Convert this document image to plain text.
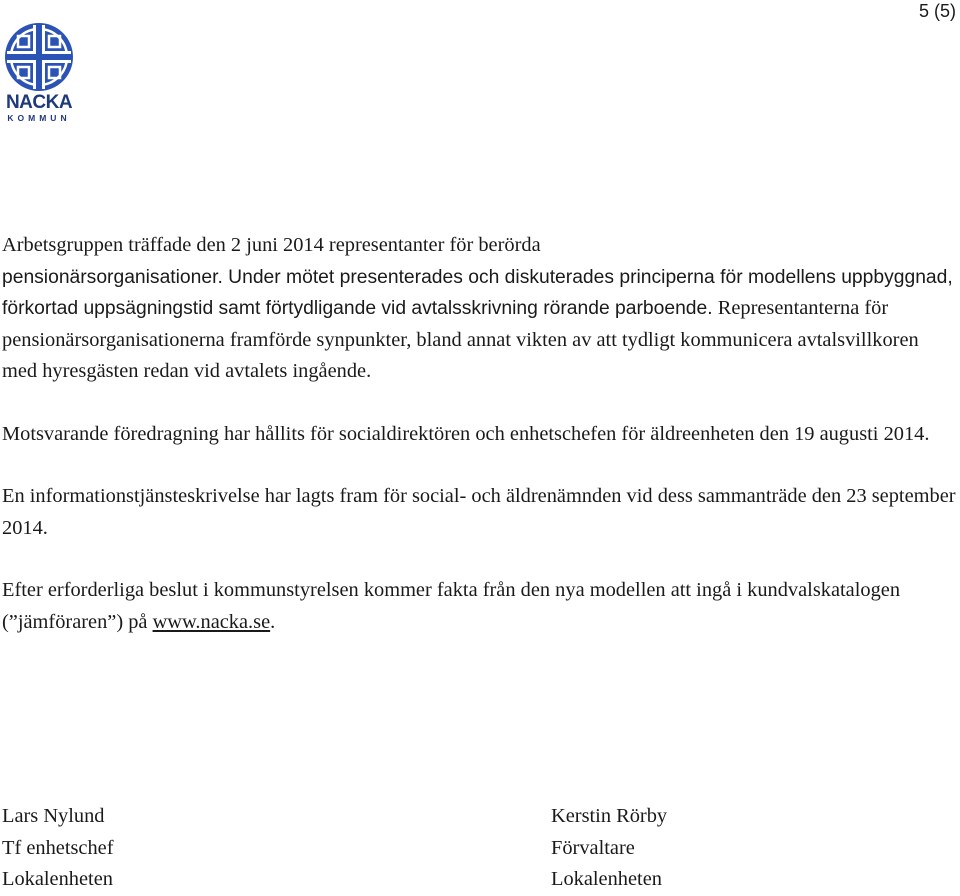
5 (5)
NACKA
KOMMUN

Arbetsgruppen träffade den 2 juni 2014 representanter för berörda
pensionärsorganisationer. Under mötet presenterades och diskuterades principerna för modellens uppbyggnad, förkortad uppsägningstid samt förtydligande vid avtalsskrivning rörande parboende. Representanterna för pensionärsorganisationerna framförde synpunkter, bland annat vikten av att tydligt kommunicera avtalsvillkoren med hyresgästen redan vid avtalets ingående.

Motsvarande föredragning har hållits för socialdirektören och enhetschefen för äldreenheten den 19 augusti 2014.

En informationstjänsteskrivelse har lagts fram för social- och äldrenämnden vid dess sammanträde den 23 september 2014.

Efter erforderliga beslut i kommunstyrelsen kommer fakta från den nya modellen att ingå i kundvalskatalogen (”jämföraren”) på www.nacka.se.

Lars Nylund
Tf enhetschef
Lokalenheten
Kerstin Rörby
Förvaltare
Lokalenheten
